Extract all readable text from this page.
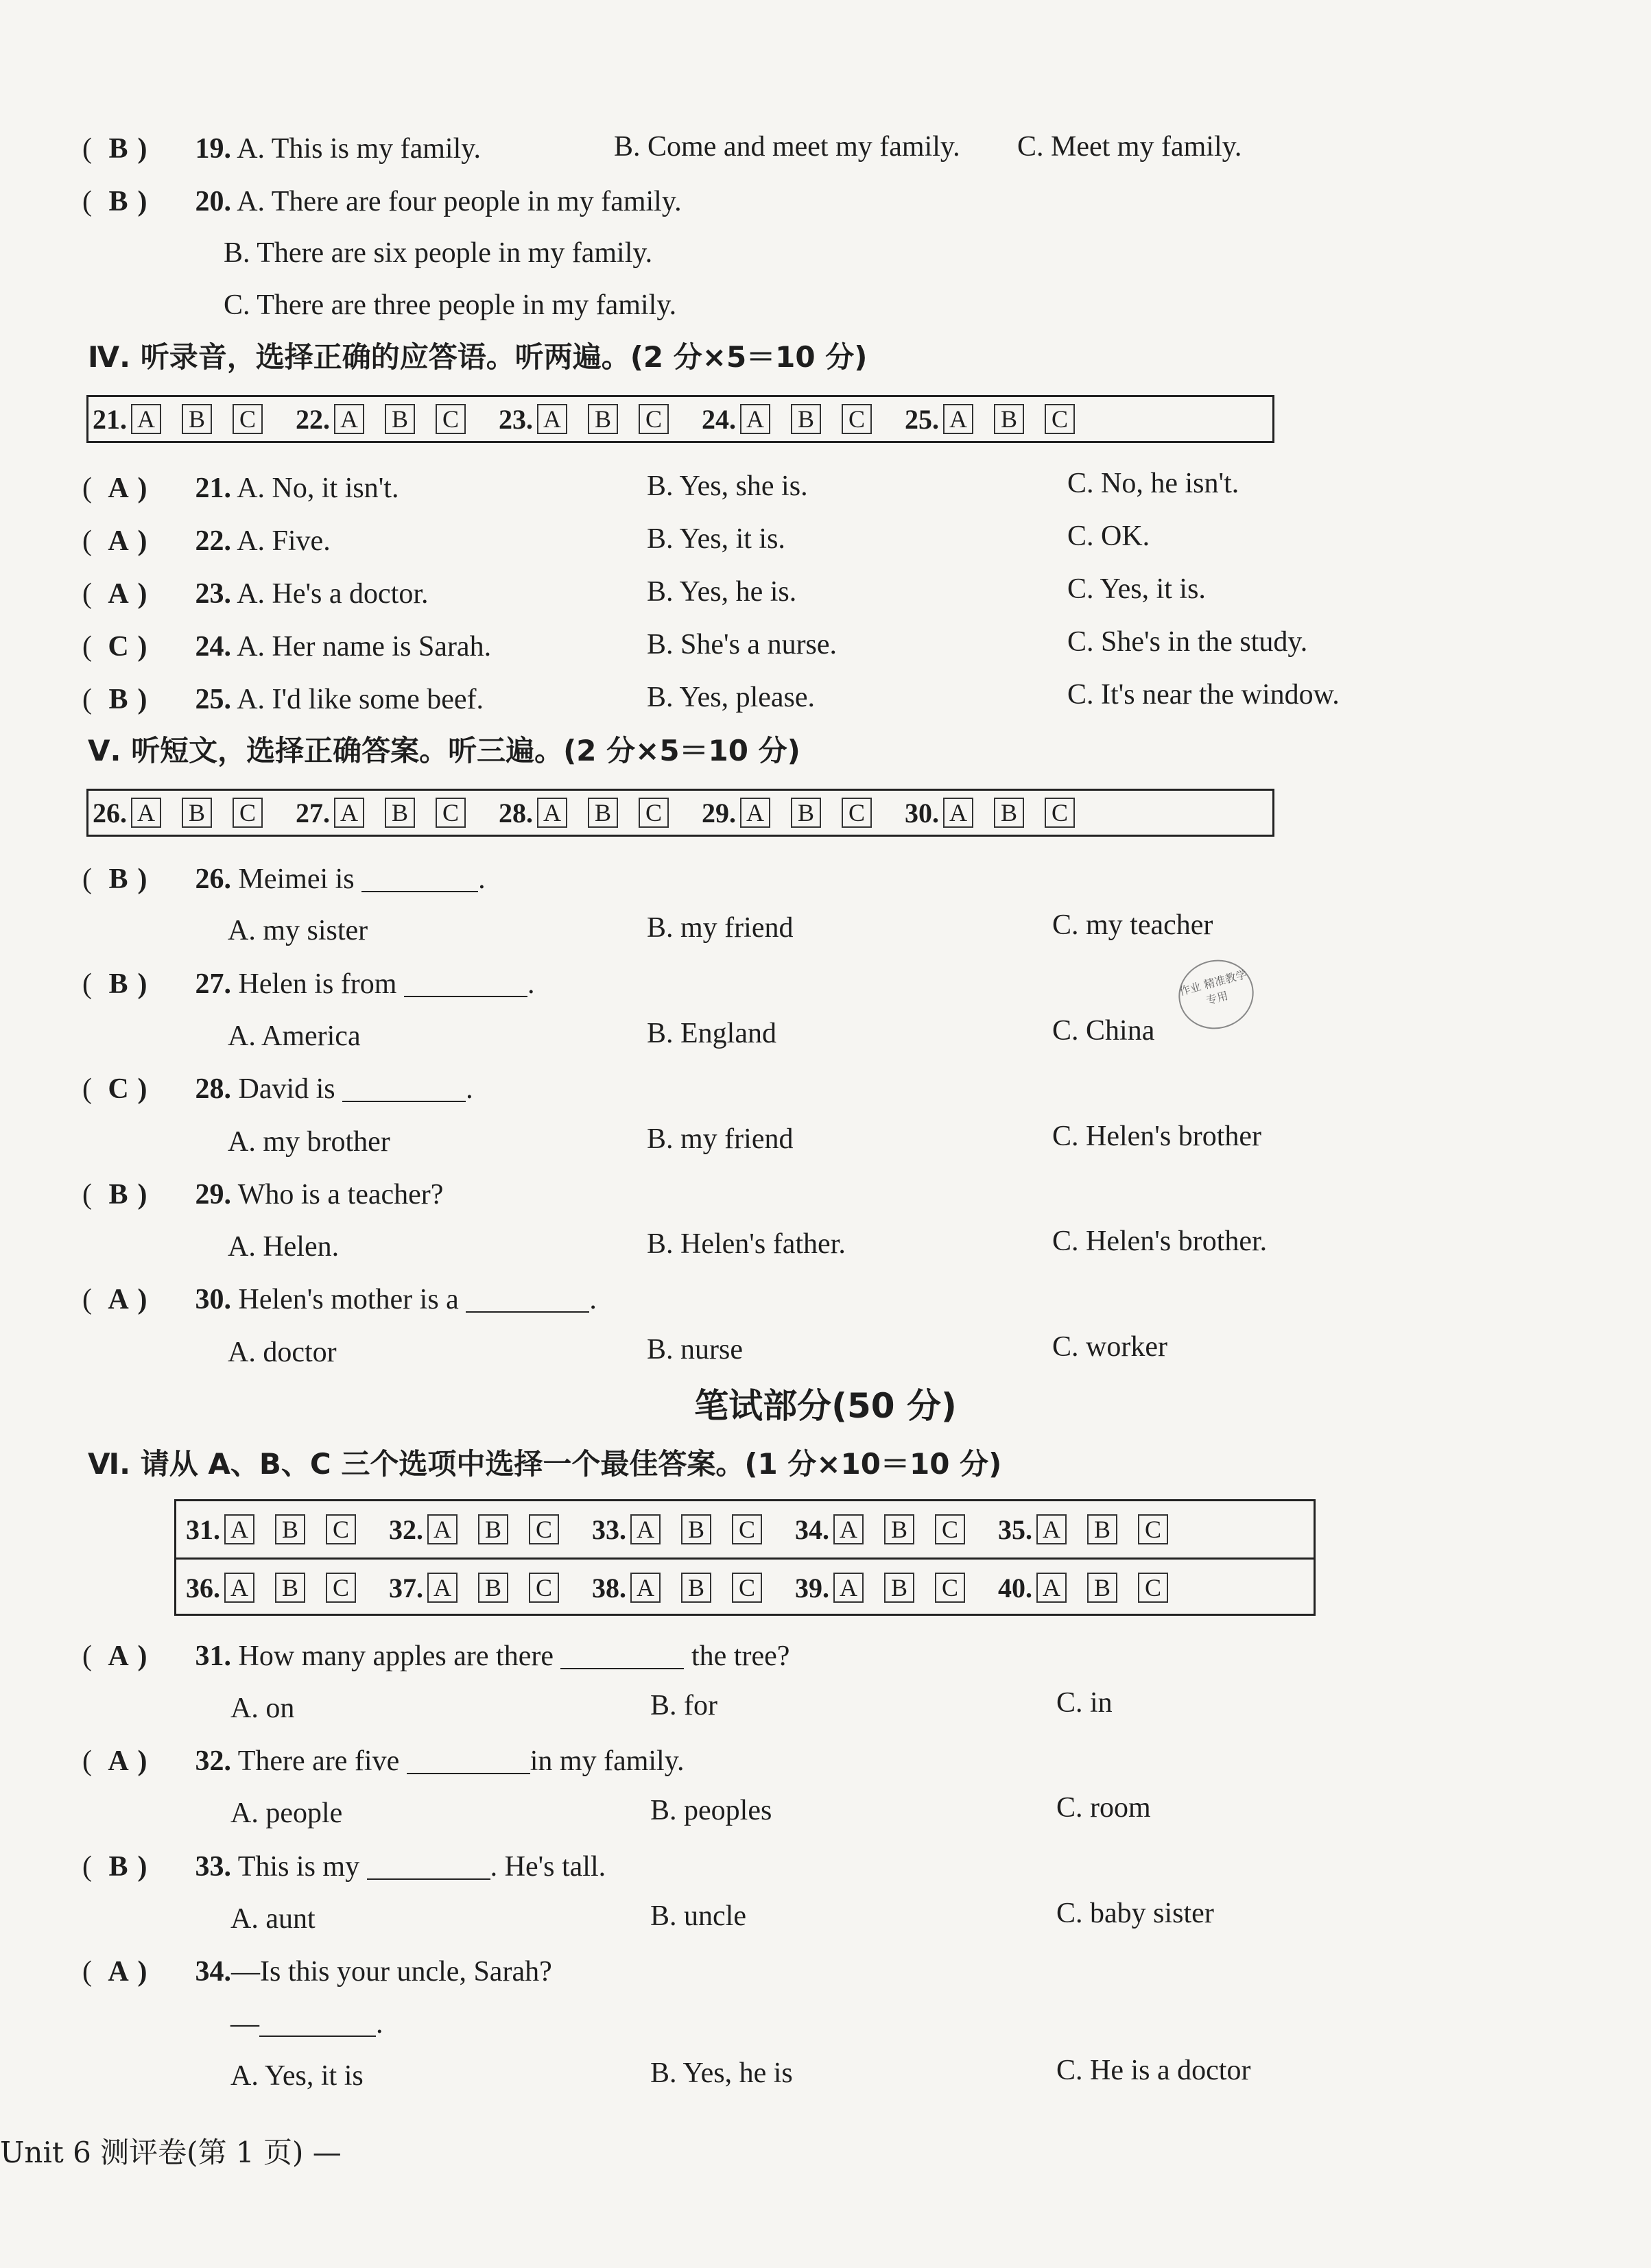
( B ) 19. A. This is my family.	B. Come and meet my family. C. Meet my family.
( B ) 20. A. There are four people in my family.
B. There are six people in my family.
C. There are three people in my family.
Ⅳ. 听录音，选择正确的应答语。听两遍。(2 分×5＝10 分)
21. A B C 22. A B C 23. A B C 24. A B C 25. A B C
( A ) 21. A. No, it isn't.	B. Yes, she is.	C. No, he isn't.
( A ) 22. A. Five.	B. Yes, it is.	C. OK.
( A ) 23. A. He's a doctor.	B. Yes, he is.	C. Yes, it is.
( C ) 24. A. Her name is Sarah.	B. She's a nurse.	C. She's in the study.
( B ) 25. A. I'd like some beef.	B. Yes, please.	C. It's near the window.
Ⅴ. 听短文，选择正确答案。听三遍。(2 分×5＝10 分)
26. A B C 27. A B C 28. A B C 29. A B C 30. A B C
( B ) 26. Meimei is	.
A. my sister	B. my friend	C. my teacher
( B ) 27. Helen is from	.
A. America	B. England	C. China
作业 精准教学 专用
( C ) 28. David is	.
A. my brother	B. my friend	C. Helen's brother
( B ) 29. Who is a teacher?
A. Helen.	B. Helen's father.	C. Helen's brother.
( A ) 30. Helen's mother is a	.
A. doctor	B. nurse	C. worker
笔试部分(50 分)
Ⅵ. 请从 A、B、C 三个选项中选择一个最佳答案。(1 分×10＝10 分)
31. A B C 32. A B C 33. A B C 34. A B C 35. A B C
36. A B C 37. A B C 38. A B C 39. A B C 40. A B C
( A ) 31. How many apples are there	the tree?
A. on	B. for	C. in
( A ) 32. There are five	in my family.
A. people	B. peoples	C. room
( B ) 33. This is my	. He's tall.
A. aunt	B. uncle	C. baby sister
( A ) 34.—Is this your uncle, Sarah?
—	.
A. Yes, it is	B. Yes, he is	C. He is a doctor
Unit 6 测评卷(第 1 页) —
